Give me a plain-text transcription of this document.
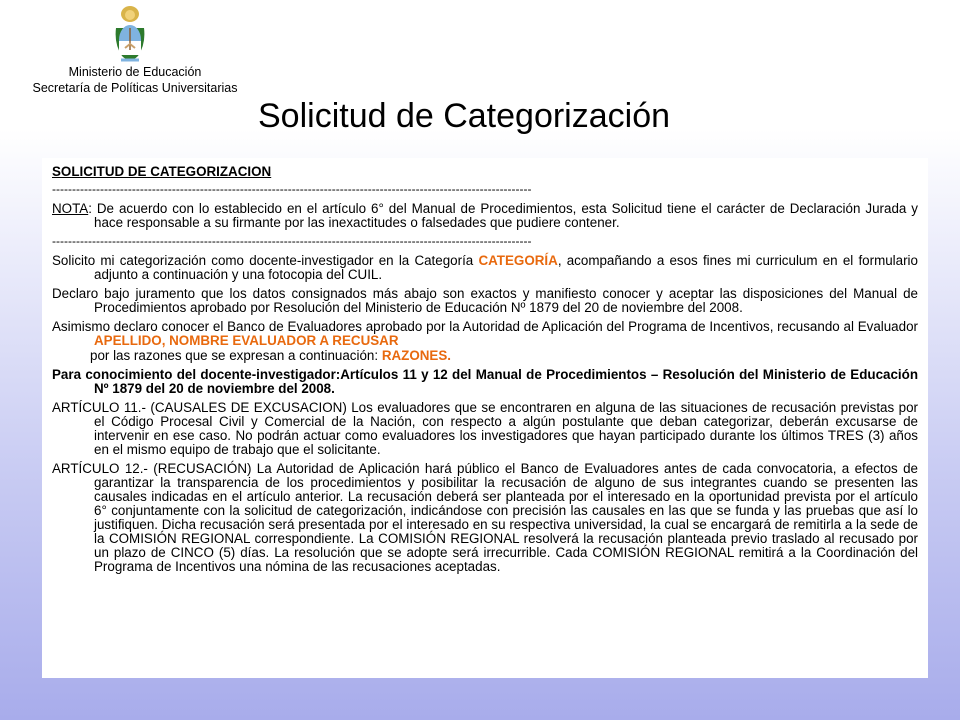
Ministerio de Educación
Secretaría de Políticas Universitarias
Solicitud de Categorización
SOLICITUD DE CATEGORIZACION
------------------------------------------------------------------------------------------------------------------------
NOTA: De acuerdo con lo establecido en el artículo 6° del Manual de Procedimientos, esta Solicitud tiene el carácter de Declaración Jurada y hace responsable a su firmante por las inexactitudes o falsedades que pudiere contener.
------------------------------------------------------------------------------------------------------------------------
Solicito mi categorización como docente-investigador en la Categoría CATEGORÍA, acompañando a esos fines mi curriculum en el formulario adjunto a continuación y una fotocopia del CUIL.
Declaro bajo juramento que los datos consignados más abajo son exactos y manifiesto conocer y aceptar las disposiciones del Manual de Procedimientos aprobado por Resolución del Ministerio de Educación Nº 1879 del 20 de noviembre del 2008.
Asimismo declaro conocer el Banco de Evaluadores aprobado por la Autoridad de Aplicación del Programa de Incentivos, recusando al Evaluador APELLIDO, NOMBRE EVALUADOR A RECUSAR
por las razones que se expresan a continuación: RAZONES.
Para conocimiento del docente-investigador:Artículos 11 y 12 del Manual de Procedimientos – Resolución del Ministerio de Educación Nº 1879 del 20 de noviembre del 2008.
ARTÍCULO 11.- (CAUSALES DE EXCUSACION) Los evaluadores que se encontraren en alguna de las situaciones de recusación previstas por el Código Procesal Civil y Comercial de la Nación, con respecto a algún postulante que deban categorizar, deberán excusarse de intervenir en ese caso. No podrán actuar como evaluadores los investigadores que hayan participado durante los últimos TRES (3) años en el mismo equipo de trabajo que el solicitante.
ARTÍCULO 12.- (RECUSACIÓN) La Autoridad de Aplicación hará público el Banco de Evaluadores antes de cada convocatoria, a efectos de garantizar la transparencia de los procedimientos y posibilitar la recusación de alguno de sus integrantes cuando se presenten las causales indicadas en el artículo anterior. La recusación deberá ser planteada por el interesado en la oportunidad prevista por el artículo 6° conjuntamente con la solicitud de categorización, indicándose con precisión las causales en las que se funda y las pruebas que así lo justifiquen. Dicha recusación será presentada por el interesado en su respectiva universidad, la cual se encargará de remitirla a la sede de la COMISIÓN REGIONAL correspondiente. La COMISIÓN REGIONAL resolverá la recusación planteada previo traslado al recusado por un plazo de CINCO (5) días. La resolución que se adopte será irrecurrible. Cada COMISIÓN REGIONAL remitirá a la Coordinación del Programa de Incentivos una nómina de las recusaciones aceptadas.
